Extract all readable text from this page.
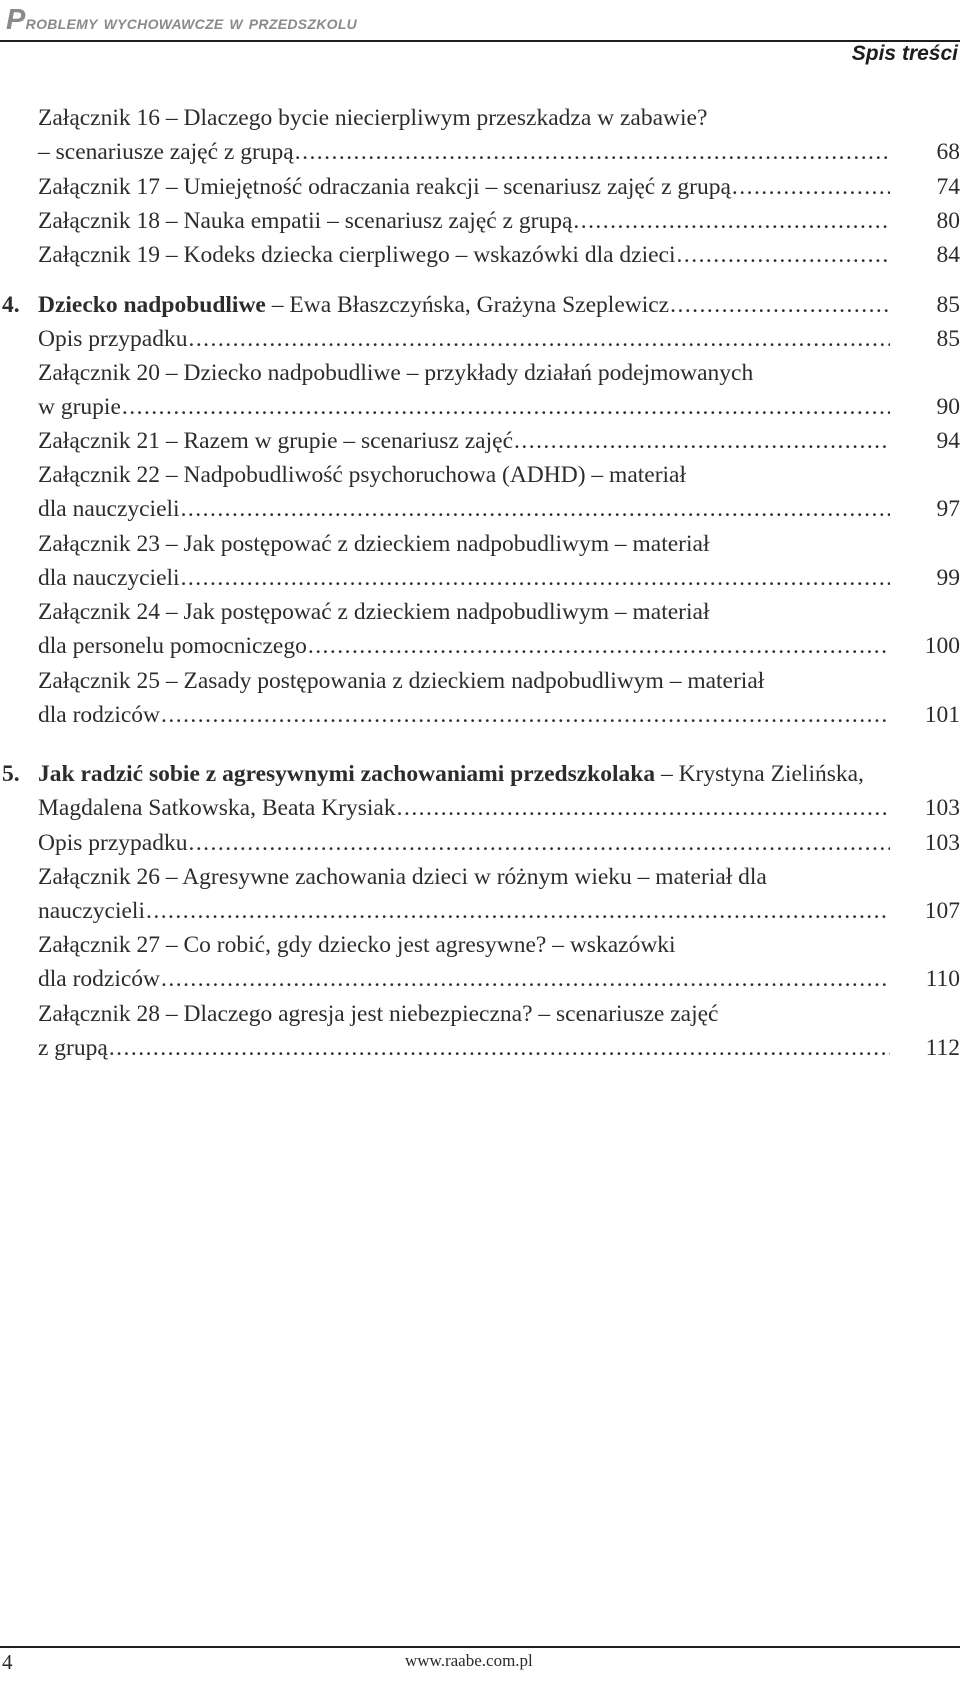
Problemy wychowawcze w przedszkolu
Spis treści
Załącznik 16 – Dlaczego bycie niecierpliwym przeszkadza w zabawie?
– scenariusze zajęć z grupą . . .	68
Załącznik 17 – Umiejętność odraczania reakcji – scenariusz zajęć z grupą . . .	74
Załącznik 18 – Nauka empatii – scenariusz zajęć z grupą . . .	80
Załącznik 19 – Kodeks dziecka cierpliwego – wskazówki dla dzieci . . .	84
4. Dziecko nadpobudliwe – Ewa Błaszczyńska, Grażyna Szeplewicz . . .	85
Opis przypadku . . .	85
Załącznik 20 – Dziecko nadpobudliwe – przykłady działań podejmowanych
w grupie . . .	90
Załącznik 21 – Razem w grupie – scenariusz zajęć . . .	94
Załącznik 22 – Nadpobudliwość psychoruchowa (ADHD) – materiał
dla nauczycieli . . .	97
Załącznik 23 – Jak postępować z dzieckiem nadpobudliwym – materiał
dla nauczycieli . . .	99
Załącznik 24 – Jak postępować z dzieckiem nadpobudliwym – materiał
dla personelu pomocniczego . . .	100
Załącznik 25 – Zasady postępowania z dzieckiem nadpobudliwym – materiał
dla rodziców . . .	101
5. Jak radzić sobie z agresywnymi zachowaniami przedszkolaka – Krystyna Zielińska,
Magdalena Satkowska, Beata Krysiak . . .	103
Opis przypadku . . .	103
Załącznik 26 – Agresywne zachowania dzieci w różnym wieku – materiał dla
nauczycieli . . .	107
Załącznik 27 – Co robić, gdy dziecko jest agresywne? – wskazówki
dla rodziców . . .	110
Załącznik 28 – Dlaczego agresja jest niebezpieczna? – scenariusze zajęć
z grupą . . .	112
4	www.raabe.com.pl
